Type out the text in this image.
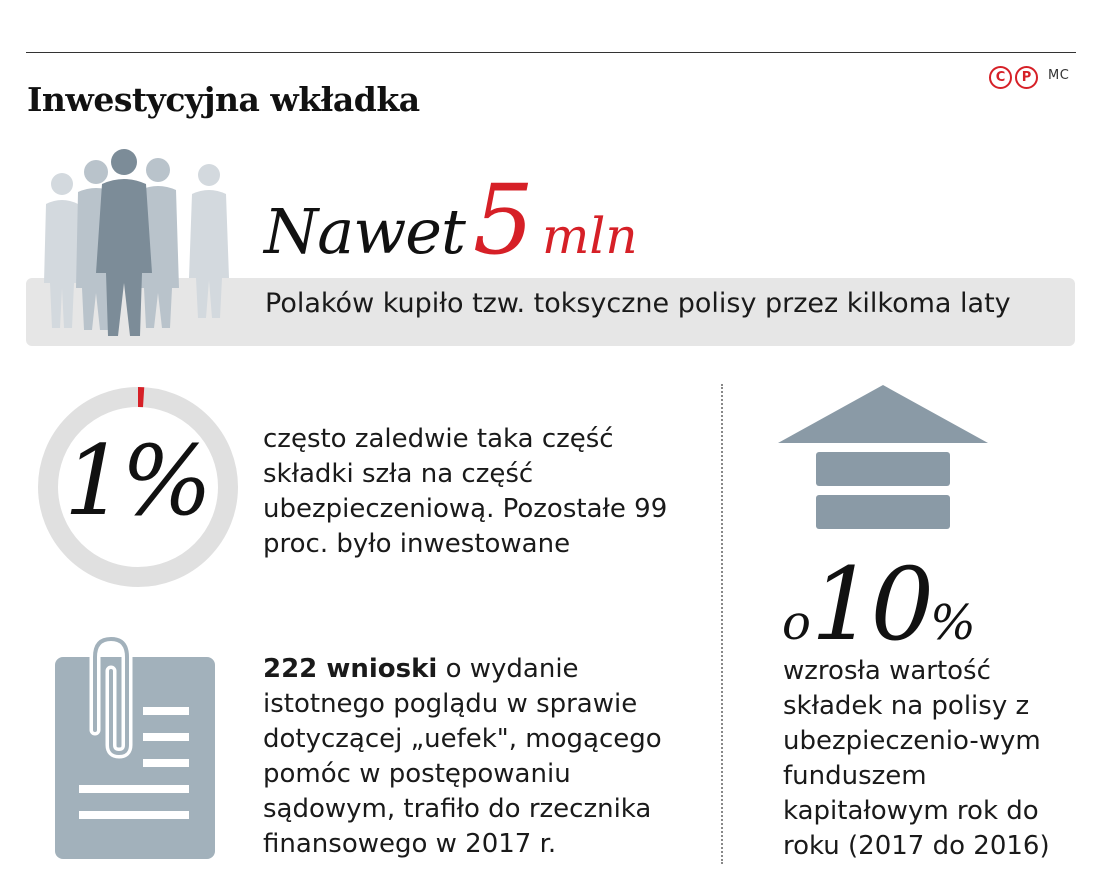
Inwestycyjna wkładka
C	P	MC
Nawet5 mln
Polaków kupiło tzw. toksyczne polisy przez kilkoma laty
1% często zaledwie taka część składki szła na część ubezpieczeniową. Pozostałe 99 proc. było inwestowane
222 wnioski o wydanie istotnego poglądu w sprawie dotyczącej „uefek", mogącego pomóc w postępowaniu sądowym, trafiło do rzecznika finansowego w 2017 r.
o10%
wzrosła wartość składek na polisy z ubezpieczenio-wym funduszem kapitałowym rok do roku (2017 do 2016)
